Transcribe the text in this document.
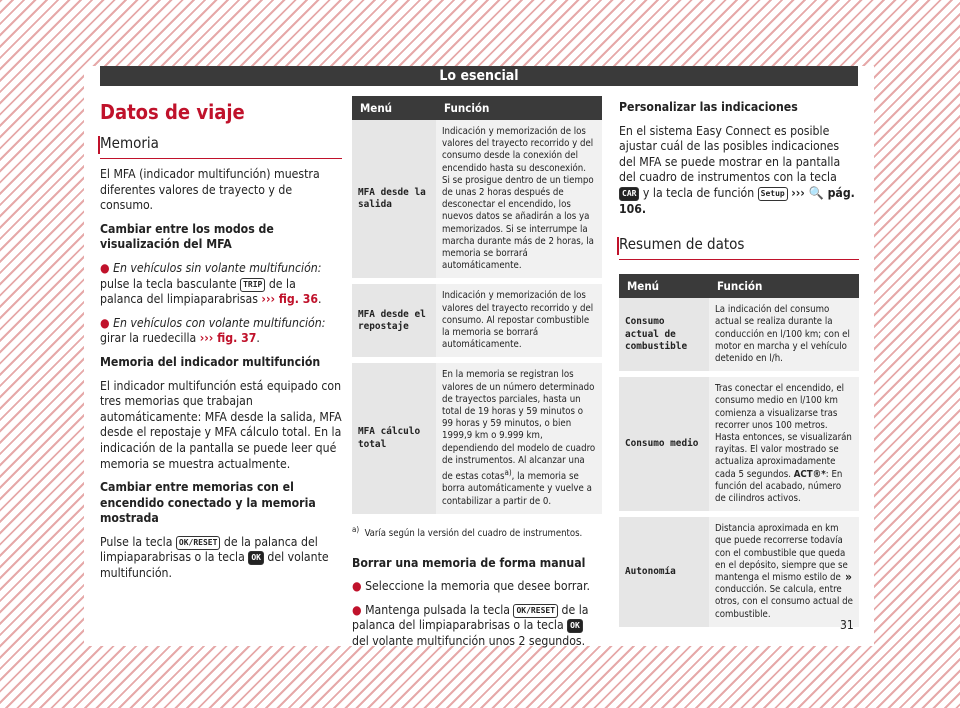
Lo esencial
Datos de viaje
Memoria

El MFA (indicador multifunción) muestra diferentes valores de trayecto y de consumo.

Cambiar entre los modos de visualización del MFA

● En vehículos sin volante multifunción: pulse la tecla basculante TRIP de la palanca del limpiaparabrisas ››› fig. 36.

● En vehículos con volante multifunción: girar la ruedecilla ››› fig. 37.

Memoria del indicador multifunción

El indicador multifunción está equipado con tres memorias que trabajan automáticamente: MFA desde la salida, MFA desde el repostaje y MFA cálculo total. En la indicación de la pantalla se puede leer qué memoria se muestra actualmente.

Cambiar entre memorias con el encendido conectado y la memoria mostrada

Pulse la tecla OK/RESET de la palanca del limpiaparabrisas o la tecla OK del volante multifunción.

Menú	Función
MFA desde la salida	Indicación y memorización de los valores del trayecto recorrido y del consumo desde la conexión del encendido hasta su desconexión. Si se prosigue dentro de un tiempo de unas 2 horas después de desconectar el encendido, los nuevos datos se añadirán a los ya memorizados. Si se interrumpe la marcha durante más de 2 horas, la memoria se borrará automáticamente.
MFA desde el repostaje	Indicación y memorización de los valores del trayecto recorrido y del consumo. Al repostar combustible la memoria se borrará automáticamente.
MFA cálculo total	En la memoria se registran los valores de un número determinado de trayectos parciales, hasta un total de 19 horas y 59 minutos o 99 horas y 59 minutos, o bien 1999,9 km o 9.999 km, dependiendo del modelo de cuadro de instrumentos. Al alcanzar una de estas cotas$^{a)}$, la memoria se borra automáticamente y vuelve a contabilizar a partir de 0.

$^{a)}$ Varía según la versión del cuadro de instrumentos.

Borrar una memoria de forma manual

● Seleccione la memoria que desee borrar.

● Mantenga pulsada la tecla OK/RESET de la palanca del limpiaparabrisas o la tecla OK del volante multifunción unos 2 segundos.

Personalizar las indicaciones

En el sistema Easy Connect es posible ajustar cuál de las posibles indicaciones del MFA se puede mostrar en la pantalla del cuadro de instrumentos con la tecla CAR y la tecla de función Setup ››› 🔍 pág. 106.

Resumen de datos
Menú	Función
Consumo actual de combustible	La indicación del consumo actual se realiza durante la conducción en l/100 km; con el motor en marcha y el vehículo detenido en l/h.
Consumo medio	Tras conectar el encendido, el consumo medio en l/100 km comienza a visualizarse tras recorrer unos 100 metros. Hasta entonces, se visualizarán rayitas. El valor mostrado se actualiza aproximadamente cada 5 segundos. ACT®*: En función del acabado, número de cilindros activos.
Autonomía	Distancia aproximada en km que puede recorrerse todavía con el combustible que queda en el depósito, siempre que se mantenga el mismo estilo de conducción. Se calcula, entre otros, con el consumo actual de combustible.
»
31
